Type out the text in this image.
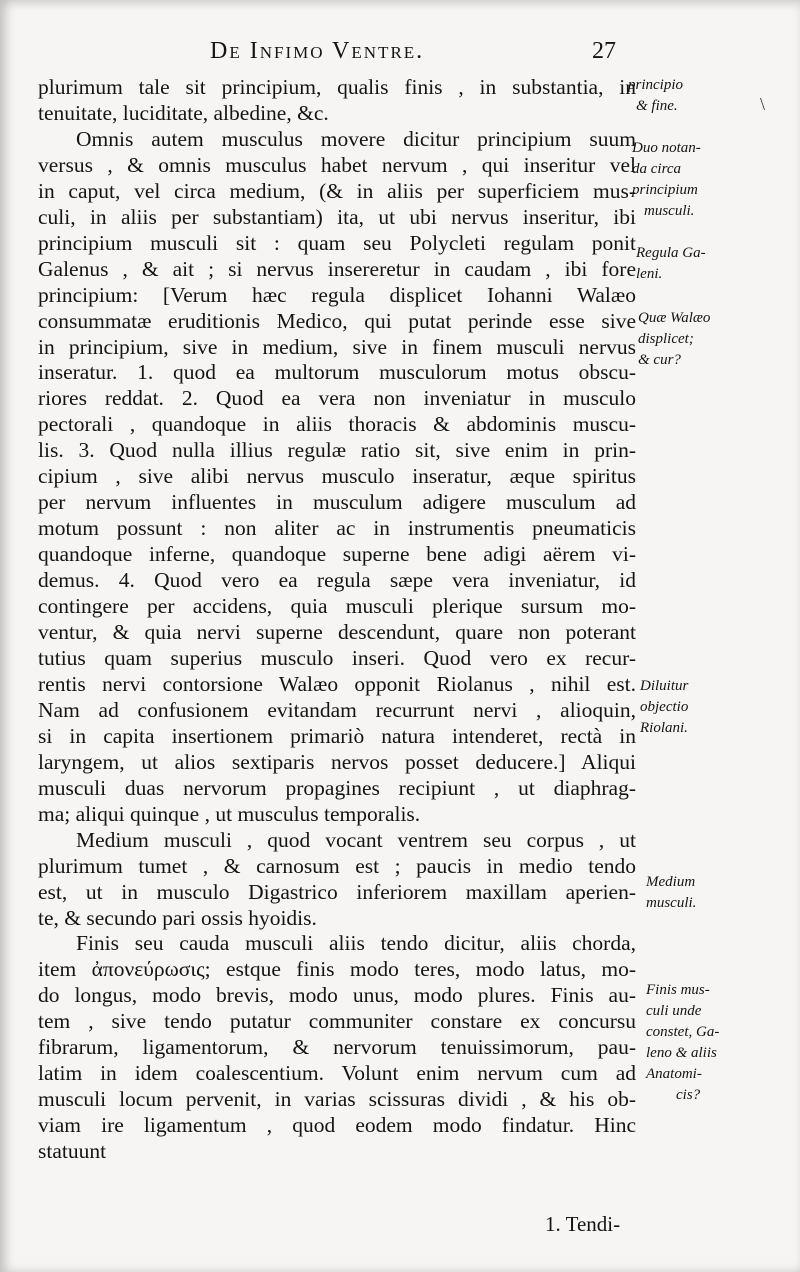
De Infimo Ventre.	27
plurimum tale sit principium, qualis finis , in substantia, in
tenuitate, luciditate, albedine, &c.
Omnis autem musculus movere dicitur principium suum
versus , & omnis musculus habet nervum , qui inseritur vel
in caput, vel circa medium, (& in aliis per superficiem mus-
culi, in aliis per substantiam) ita, ut ubi nervus inseritur, ibi
principium musculi sit : quam seu Polycleti regulam ponit
Galenus , & ait ; si nervus insereretur in caudam , ibi fore
principium: [Verum hæc regula displicet Iohanni Walæo
consummatæ eruditionis Medico, qui putat perinde esse sive
in principium, sive in medium, sive in finem musculi nervus
inseratur. 1. quod ea multorum musculorum motus obscu-
riores reddat. 2. Quod ea vera non inveniatur in musculo
pectorali , quandoque in aliis thoracis & abdominis muscu-
lis. 3. Quod nulla illius regulæ ratio sit, sive enim in prin-
cipium , sive alibi nervus musculo inseratur, æque spiritus
per nervum influentes in musculum adigere musculum ad
motum possunt : non aliter ac in instrumentis pneumaticis
quandoque inferne, quandoque superne bene adigi aërem vi-
demus. 4. Quod vero ea regula sæpe vera inveniatur, id
contingere per accidens, quia musculi plerique sursum mo-
ventur, & quia nervi superne descendunt, quare non poterant
tutius quam superius musculo inseri. Quod vero ex recur-
rentis nervi contorsione Walæo opponit Riolanus , nihil est.
Nam ad confusionem evitandam recurrunt nervi , alioquin,
si in capita insertionem primariò natura intenderet, rectà in
laryngem, ut alios sextiparis nervos posset deducere.] Aliqui
musculi duas nervorum propagines recipiunt , ut diaphrag-
ma; aliqui quinque , ut musculus temporalis.
Medium musculi , quod vocant ventrem seu corpus , ut
plurimum tumet , & carnosum est ; paucis in medio tendo
est, ut in musculo Digastrico inferiorem maxillam aperien-
te, & secundo pari ossis hyoidis.
Finis seu cauda musculi aliis tendo dicitur, aliis chorda,
item ἀπονεύρωσις; estque finis modo teres, modo latus, mo-
do longus, modo brevis, modo unus, modo plures. Finis au-
tem , sive tendo putatur communiter constare ex concursu
fibrarum, ligamentorum, & nervorum tenuissimorum, pau-
latim in idem coalescentium. Volunt enim nervum cum ad
musculi locum pervenit, in varias scissuras dividi , & his ob-
viam ire ligamentum , quod eodem modo findatur. Hinc
statuunt
principio
& fine.
Duo notan-
da circa
principium
musculi.
Regula Ga-
leni.
Quæ Walæo
displicet;
& cur?
Diluitur
objectio
Riolani.
Medium
musculi.
Finis mus-
culi unde
constet, Ga-
leno & aliis
Anatomi-
cis?
\
1. Tendi-
